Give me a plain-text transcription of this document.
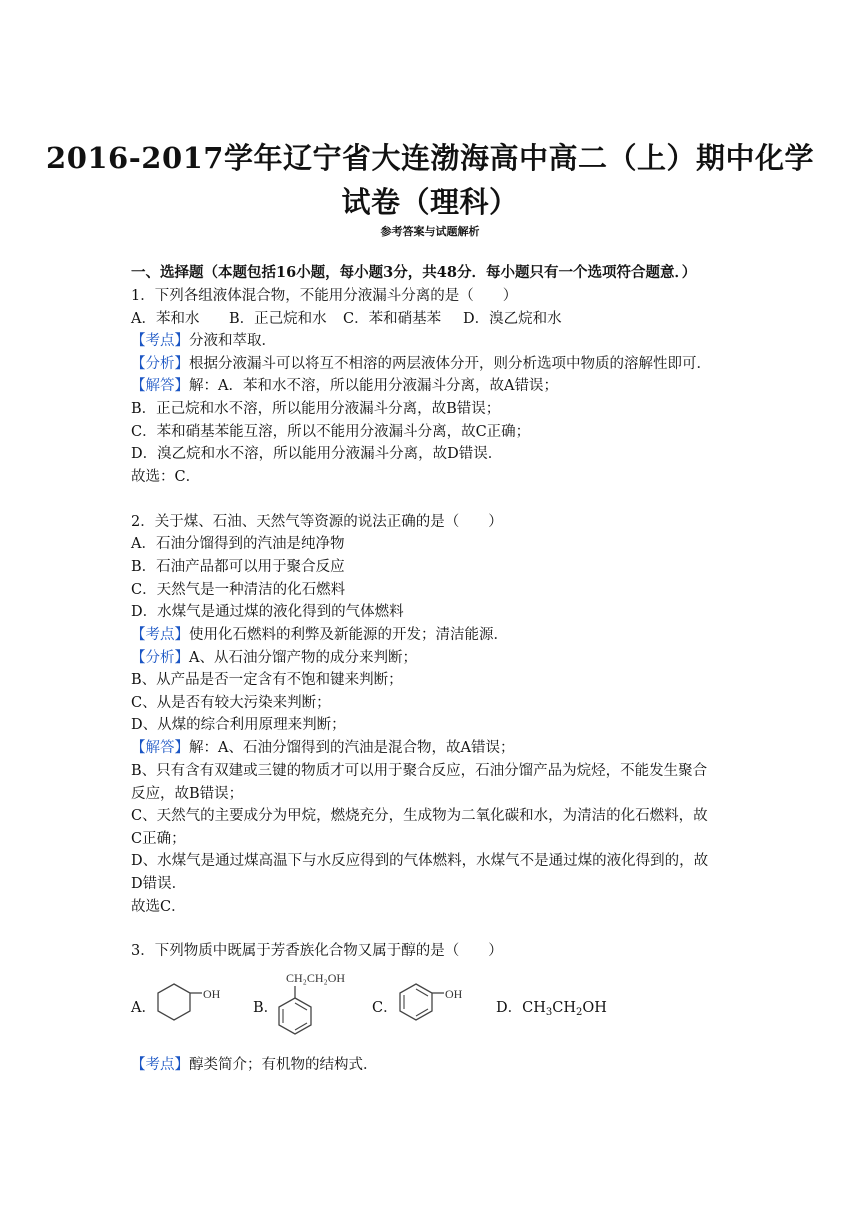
2016-2017学年辽宁省大连渤海高中高二（上）期中化学
试卷（理科）
参考答案与试题解析
一、选择题（本题包括16小题，每小题3分，共48分．每小题只有一个选项符合题意．）
1．下列各组液体混合物，不能用分液漏斗分离的是（　　）
A．苯和水 B．正己烷和水 C．苯和硝基苯 D．溴乙烷和水
【考点】分液和萃取．
【分析】根据分液漏斗可以将互不相溶的两层液体分开，则分析选项中物质的溶解性即可．
【解答】解：A．苯和水不溶，所以能用分液漏斗分离，故A错误；
B．正己烷和水不溶，所以能用分液漏斗分离，故B错误；
C．苯和硝基苯能互溶，所以不能用分液漏斗分离，故C正确；
D．溴乙烷和水不溶，所以能用分液漏斗分离，故D错误．
故选：C．
2．关于煤、石油、天然气等资源的说法正确的是（　　）
A．石油分馏得到的汽油是纯净物
B．石油产品都可以用于聚合反应
C．天然气是一种清洁的化石燃料
D．水煤气是通过煤的液化得到的气体燃料
【考点】使用化石燃料的利弊及新能源的开发；清洁能源．
【分析】A、从石油分馏产物的成分来判断；
B、从产品是否一定含有不饱和键来判断；
C、从是否有较大污染来判断；
D、从煤的综合利用原理来判断；
【解答】解：A、石油分馏得到的汽油是混合物，故A错误；
B、只有含有双建或三键的物质才可以用于聚合反应，石油分馏产品为烷烃，不能发生聚合
反应，故B错误；
C、天然气的主要成分为甲烷，燃烧充分，生成物为二氧化碳和水，为清洁的化石燃料，故
C正确；
D、水煤气是通过煤高温下与水反应得到的气体燃料，水煤气不是通过煤的液化得到的，故
D错误．
故选C．
3．下列物质中既属于芳香族化合物又属于醇的是（　　）
A．
OH
B．
CH₂CH₂OH
C．
OH
D．$CH_3CH_2OH$
【考点】醇类简介；有机物的结构式．
